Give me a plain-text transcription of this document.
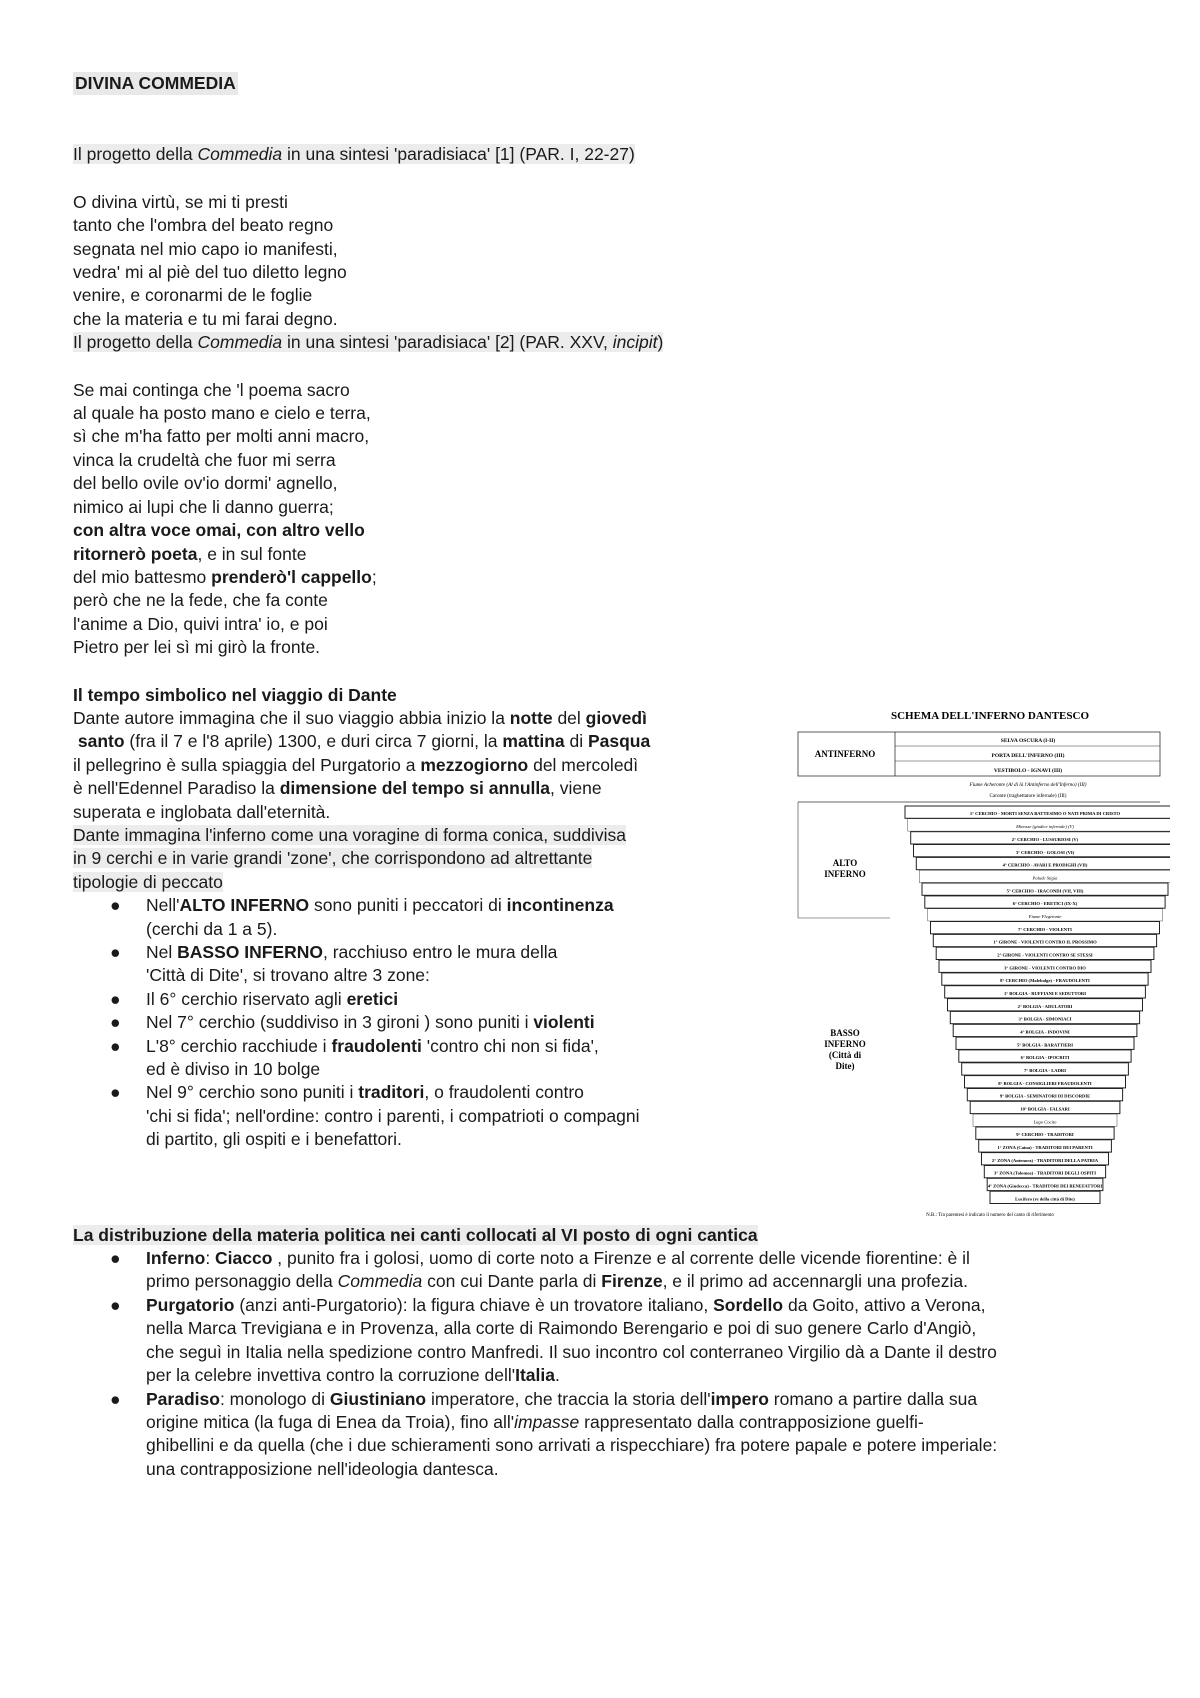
DIVINA COMMEDIA
Il progetto della Commedia in una sintesi 'paradisiaca' [1] (PAR. I, 22-27)
O divina virtù, se mi ti presti
tanto che l'ombra del beato regno
segnata nel mio capo io manifesti,
vedra' mi al piè del tuo diletto legno
venire, e coronarmi de le foglie
che la materia e tu mi farai degno.
Il progetto della Commedia in una sintesi 'paradisiaca' [2] (PAR. XXV, incipit)
Se mai continga che 'l poema sacro
al quale ha posto mano e cielo e terra,
sì che m'ha fatto per molti anni macro,
vinca la crudeltà che fuor mi serra
del bello ovile ov'io dormi' agnello,
nimico ai lupi che li danno guerra;
con altra voce omai, con altro vello
ritornerò poeta, e in sul fonte
del mio battesmo prenderò'l cappello;
però che ne la fede, che fa conte
l'anime a Dio, quivi intra' io, e poi
Pietro per lei sì mi girò la fronte.
Il tempo simbolico nel viaggio di Dante
Dante autore immagina che il suo viaggio abbia inizio la notte del giovedì
santo (fra il 7 e l'8 aprile) 1300, e duri circa 7 giorni, la mattina di Pasqua
il pellegrino è sulla spiaggia del Purgatorio a mezzogiorno del mercoledì
è nell'Edennel Paradiso la dimensione del tempo si annulla, viene
superata e inglobata dall'eternità.
Dante immagina l'inferno come una voragine di forma conica, suddivisa
in 9 cerchi e in varie grandi 'zone', che corrispondono ad altrettante
tipologie di peccato
● Nell'ALTO INFERNO sono puniti i peccatori di incontinenza
(cerchi da 1 a 5).
● Nel BASSO INFERNO, racchiuso entro le mura della
'Città di Dite', si trovano altre 3 zone:
● Il 6° cerchio riservato agli eretici
● Nel 7° cerchio (suddiviso in 3 gironi ) sono puniti i violenti
● L'8° cerchio racchiude i fraudolenti 'contro chi non si fida',
ed è diviso in 10 bolge
● Nel 9° cerchio sono puniti i traditori, o fraudolenti contro
'chi si fida'; nell'ordine: contro i parenti, i compatrioti o compagni
di partito, gli ospiti e i benefattori.
La distribuzione della materia politica nei canti collocati al VI posto di ogni cantica
● Inferno: Ciacco , punito fra i golosi, uomo di corte noto a Firenze e al corrente delle vicende fiorentine: è il
primo personaggio della Commedia con cui Dante parla di Firenze, e il primo ad accennargli una profezia.
● Purgatorio (anzi anti-Purgatorio): la figura chiave è un trovatore italiano, Sordello da Goito, attivo a Verona,
nella Marca Trevigiana e in Provenza, alla corte di Raimondo Berengario e poi di suo genere Carlo d'Angiò,
che seguì in Italia nella spedizione contro Manfredi. Il suo incontro col conterraneo Virgilio dà a Dante il destro
per la celebre invettiva contro la corruzione dell'Italia.
● Paradiso: monologo di Giustiniano imperatore, che traccia la storia dell'impero romano a partire dalla sua
origine mitica (la fuga di Enea da Troia), fino all'impasse rappresentato dalla contrapposizione guelfi-
ghibellini e da quella (che i due schieramenti sono arrivati a rispecchiare) fra potere papale e potere imperiale:
una contrapposizione nell'ideologia dantesca.
SCHEMA DELL'INFERNO DANTESCO
ANTINFERNO
SELVA OSCURA (I-II)
PORTA DELL'INFERNO (III)
VESTIBOLO - IGNAVI (III)
Fiume Acheronte (Al di là l'Antinferno dell'Inferno) (III)
Caronte (traghettatore infernale) (III)
ALTO
INFERNO
BASSO
INFERNO
(Città di
Dite)
1° CERCHIO - MORTI SENZA BATTESIMO O NATI PRIMA DI CRISTO
Minosse (giudice infernale) (V)
2° CERCHIO - LUSSURIOSI (V)
3° CERCHIO - GOLOSI (VI)
4° CERCHIO - AVARI E PRODIGHI (VII)
Palude Stigia
5° CERCHIO - IRACONDI (VII, VIII)
6° CERCHIO - ERETICI (IX-X)
Fiume Flegetonte
7° CERCHIO - VIOLENTI
1° GIRONE - VIOLENTI CONTRO IL PROSSIMO
2° GIRONE - VIOLENTI CONTRO SE STESSI
3° GIRONE - VIOLENTI CONTRO DIO
8° CERCHIO (Malebolge) - FRAUDOLENTI
1° BOLGIA - RUFFIANI E SEDUTTORI
2° BOLGIA - ADULATORI
3° BOLGIA - SIMONIACI
4° BOLGIA - INDOVINI
5° BOLGIA - BARATTIERI
6° BOLGIA - IPOCRITI
7° BOLGIA - LADRI
8° BOLGIA - CONSIGLIERI FRAUDOLENTI
9° BOLGIA - SEMINATORI DI DISCORDIE
10° BOLGIA - FALSARI
Lago Cocito
9° CERCHIO - TRADITORI
1° ZONA (Caina) - TRADITORI DEI PARENTI
2° ZONA (Antenora) - TRADITORI DELLA PATRIA
3° ZONA (Tolomea) - TRADITORI DEGLI OSPITI
4° ZONA (Giudecca) - TRADITORI DEI BENEFATTORI
Lucifero (re della città di Dite)
N.B.: Tra parentesi è indicato il numero del canto di riferimento
